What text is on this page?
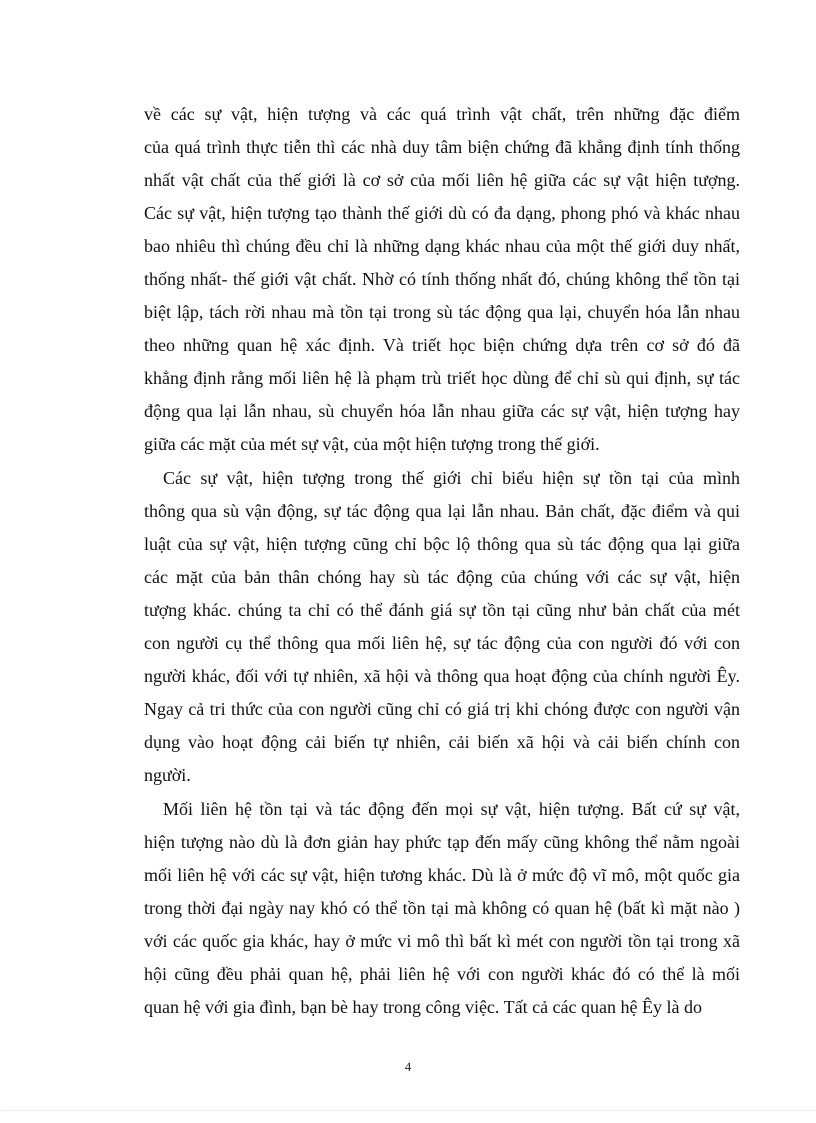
về các sự vật, hiện tượng và các quá trình vật chất, trên những đặc điểm
của quá trình thực tiễn thì các nhà duy tâm biện chứng đã khẳng định tính thống
nhất vật chất của thế giới là cơ sở của mối liên hệ giữa các sự vật hiện tượng.
Các sự vật, hiện tượng tạo thành thế giới dù có đa dạng, phong phó và khác nhau
bao nhiêu thì chúng đều chỉ là những dạng khác nhau của một thế giới duy nhất,
thống nhất- thế giới vật chất. Nhờ có tính thống nhất đó, chúng không thể tồn tại
biệt lập, tách rời nhau mà tồn tại trong sù tác động qua lại, chuyển hóa lẫn nhau
theo những quan hệ xác định. Và triết học biện chứng dựa trên cơ sở đó đã
khẳng định rằng mối liên hệ là phạm trù triết học dùng để chỉ sù qui định, sự tác
động qua lại lẫn nhau, sù chuyển hóa lẫn nhau giữa các sự vật, hiện tượng hay
giữa các mặt của mét sự vật, của một hiện tượng trong thế giới.
Các sự vật, hiện tượng trong thế giới chỉ biểu hiện sự tồn tại của mình
thông qua sù vận động, sự tác động qua lại lẫn nhau. Bản chất, đặc điểm và qui
luật của sự vật, hiện tượng cũng chỉ bộc lộ thông qua sù tác động qua lại giữa
các mặt của bản thân chóng hay sù tác động của chúng với các sự vật, hiện
tượng khác. chúng ta chỉ có thể đánh giá sự tồn tại cũng như bản chất của mét
con người cụ thể thông qua mối liên hệ, sự tác động của con người đó với con
người khác, đối với tự nhiên, xã hội và thông qua hoạt động của chính người Êy.
Ngay cả tri thức của con người cũng chỉ có giá trị khi chóng được con người vận
dụng vào hoạt động cải biến tự nhiên, cải biến xã hội và cải biến chính con
người.
Mối liên hệ tồn tại và tác động đến mọi sự vật, hiện tượng. Bất cứ sự vật,
hiện tượng nào dù là đơn giản hay phức tạp đến mấy cũng không thể nằm ngoài
mối liên hệ với các sự vật, hiện tương khác. Dù là ở mức độ vĩ mô, một quốc gia
trong thời đại ngày nay khó có thể tồn tại mà không có quan hệ (bất kì mặt nào )
với các quốc gia khác, hay ở mức vi mô thì bất kì mét con người tồn tại trong xã
hội cũng đều phải quan hệ, phải liên hệ với con người khác đó có thể là mối
quan hệ với gia đình, bạn bè hay trong công việc. Tất cả các quan hệ Êy là do
4
